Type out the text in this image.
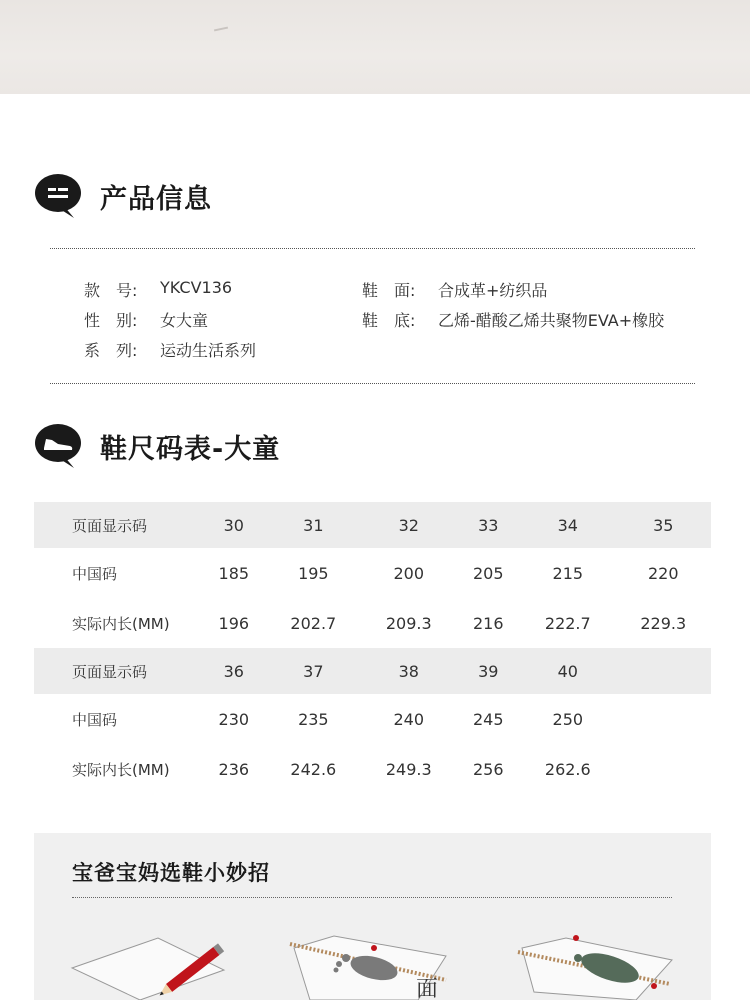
产品信息
款　号:	YKCV136
性　别:	女大童
系　列:	运动生活系列
鞋　面:	合成革+纺织品
鞋　底:	乙烯-醋酸乙烯共聚物EVA+橡胶
鞋尺码表-大童
页面显示码	30	31	32	33	34	35
中国码	185	195	200	205	215	220
实际内长(MM)	196	202.7	209.3	216	222.7	229.3
页面显示码	36	37	38	39	40	
中国码	230	235	240	245	250	
实际内长(MM)	236	242.6	249.3	256	262.6	
宝爸宝妈选鞋小妙招
面
